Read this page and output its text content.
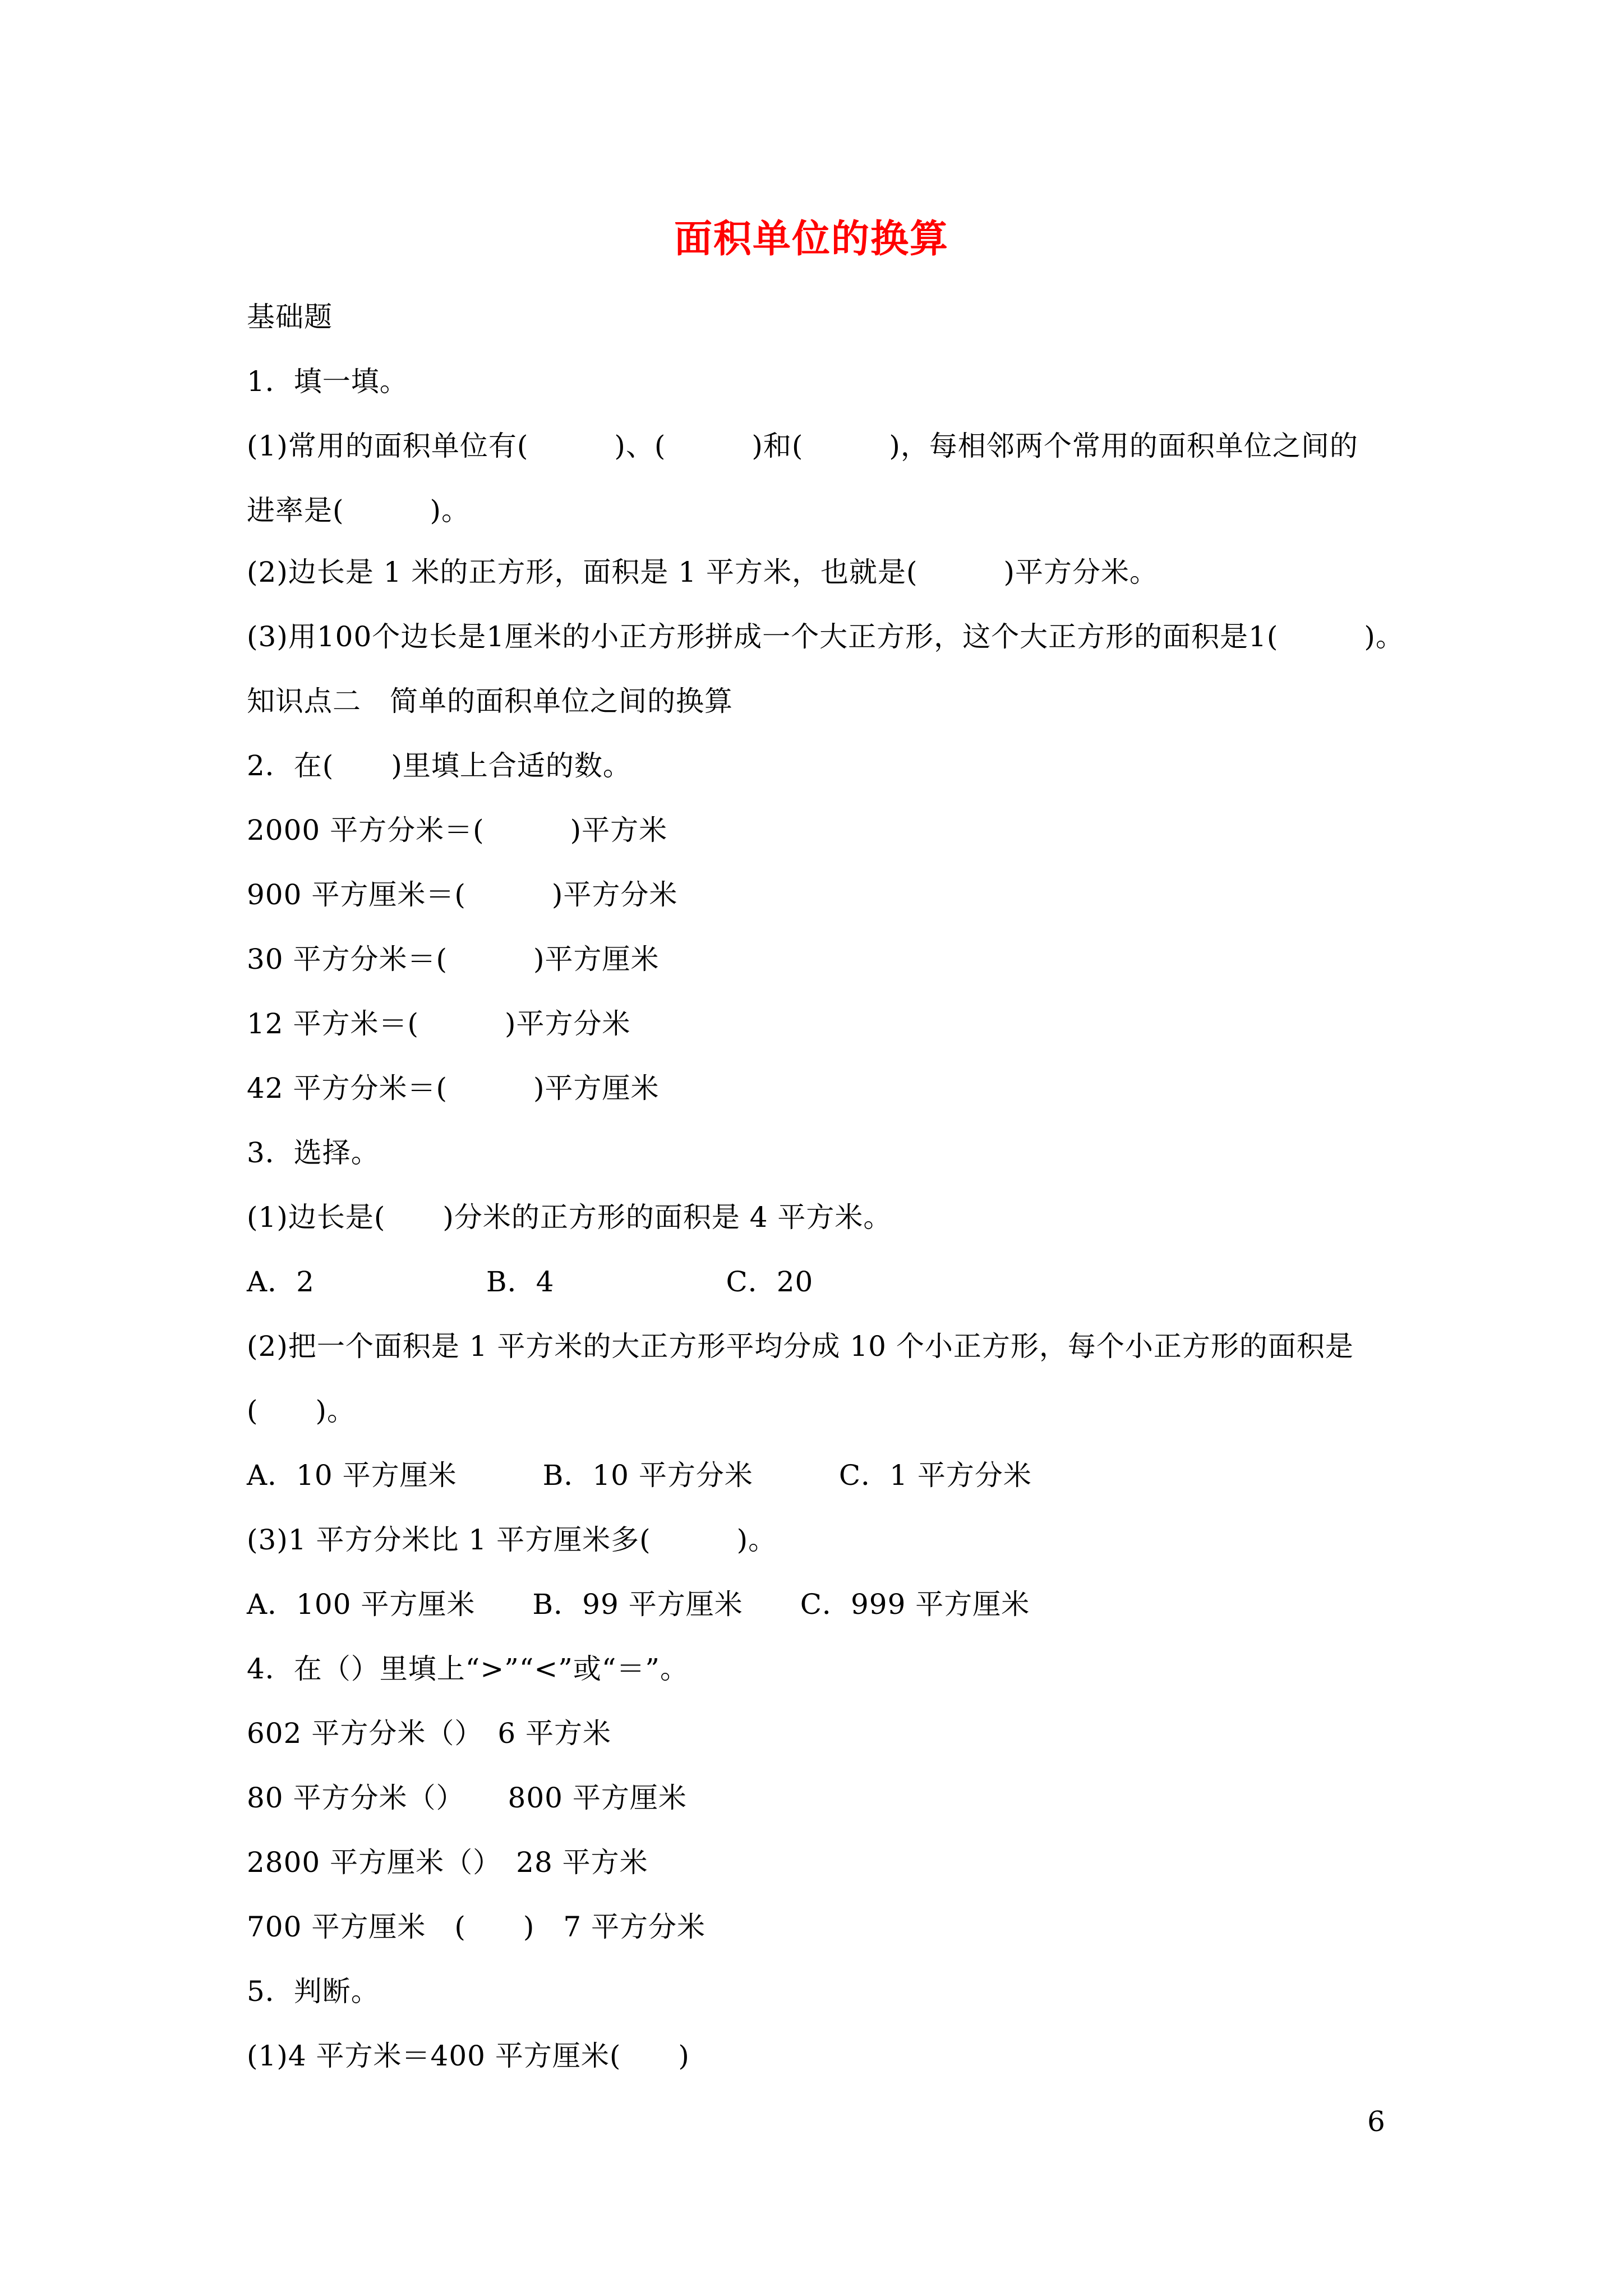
面积单位的换算
基础题
1．填一填。
(1)常用的面积单位有(　　　)、(　　　)和(　　　)，每相邻两个常用的面积单位之间的
进率是(　　　)。
(2)边长是 1 米的正方形，面积是 1 平方米，也就是(　　　)平方分米。
(3)用100个边长是1厘米的小正方形拼成一个大正方形，这个大正方形的面积是1(　　　)。
知识点二　简单的面积单位之间的换算
2．在(　　)里填上合适的数。
2000 平方分米＝(　　　)平方米
900 平方厘米＝(　　　)平方分米
30 平方分米＝(　　　)平方厘米
12 平方米＝(　　　)平方分米
42 平方分米＝(　　　)平方厘米
3．选择。
(1)边长是(　　)分米的正方形的面积是 4 平方米。
A．2　　　　　　B．4　　　　　　C．20
(2)把一个面积是 1 平方米的大正方形平均分成 10 个小正方形，每个小正方形的面积是
(　　)。
A．10 平方厘米　　　B．10 平方分米　　　C．1 平方分米
(3)1 平方分米比 1 平方厘米多(　　　)。
A．100 平方厘米　　B．99 平方厘米　　C．999 平方厘米
4．在（）里填上“>”“<”或“＝”。
602 平方分米（）　6 平方米
80 平方分米（）　　800 平方厘米
2800 平方厘米（）　28 平方米
700 平方厘米　(　　)　7 平方分米
5．判断。
(1)4 平方米＝400 平方厘米(　　)
6
